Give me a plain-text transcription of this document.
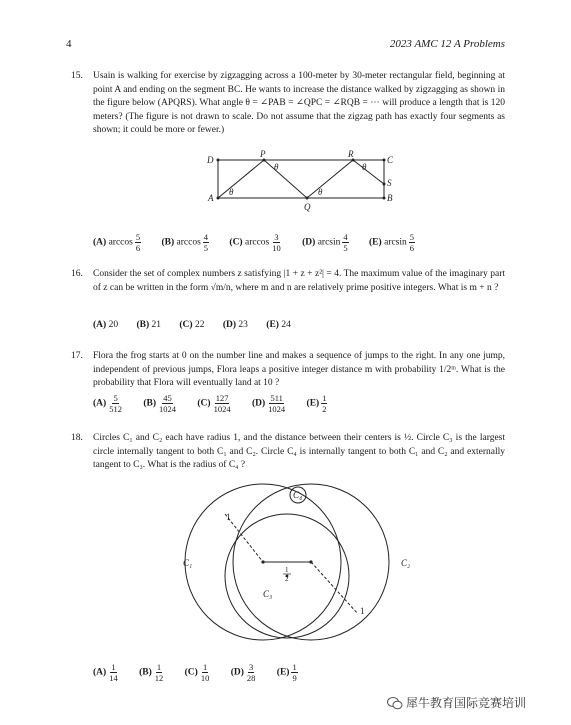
4	2023 AMC 12 A Problems
15. Usain is walking for exercise by zigzagging across a 100-meter by 30-meter rectangular field, beginning at point A and ending on the segment BC. He wants to increase the distance walked by zigzagging as shown in the figure below (APQRS). What angle θ = ∠PAB = ∠QPC = ∠RQB = ⋯ will produce a length that is 120 meters? (The figure is not drawn to scale. Do not assume that the zigzag path has exactly four segments as shown; it could be more or fewer.)
D
P	R
C
S
A
Q
B
θ
θ
θ
θ
(A) $\arccos \frac{5}{6} (B)$ $\arccos \frac{4}{5} (C)$ $\arccos \frac{3}{10} (D)$ $\arcsin \frac{4}{5} (E)$ $\arcsin \frac{5}{6}$
16. Consider the set of complex numbers z satisfying |1 + z + z²| = 4. The maximum value of the imaginary part of z can be written in the form √m/n, where m and n are relatively prime positive integers. What is m + n ?
(A) 20 (B) 21 (C) 22 (D) 23 (E) 24
17. Flora the frog starts at 0 on the number line and makes a sequence of jumps to the right. In any one jump, independent of previous jumps, Flora leaps a positive integer distance m with probability 1/2ᵐ. What is the probability that Flora will eventually land at 10 ?
$(A) \frac{5}{512} (B) \frac{45}{1024} (C) \frac{127}{1024} (D) \frac{511}{1024} (E) \frac{1}{2}$
18. Circles C₁ and C₂ each have radius 1, and the distance between their centers is ½. Circle C₃ is the largest circle internally tangent to both C₁ and C₂. Circle C₄ is internally tangent to both C₁ and C₂ and externally tangent to C₃. What is the radius of C₄ ?
C₄
C₁	C₂
C₃
1
1
1
2
$(A) \frac{1}{14} (B) \frac{1}{12} (C) \frac{1}{10} (D) \frac{3}{28} (E) \frac{1}{9}$
犀牛教育国际竞赛培训
